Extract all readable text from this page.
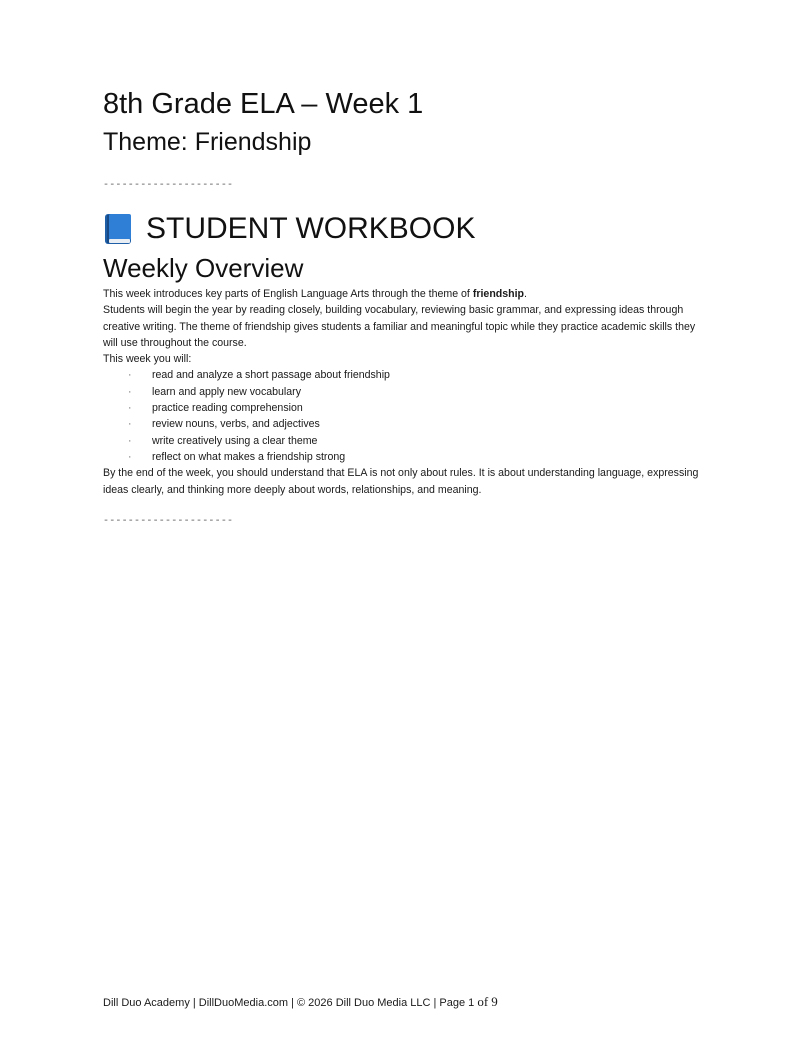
8th Grade ELA – Week 1
Theme: Friendship
---------------------
STUDENT WORKBOOK
Weekly Overview

This week introduces key parts of English Language Arts through the theme of friendship.

Students will begin the year by reading closely, building vocabulary, reviewing basic grammar, and expressing ideas through creative writing. The theme of friendship gives students a familiar and meaningful topic while they practice academic skills they will use throughout the course.

This week you will:

· read and analyze a short passage about friendship
· learn and apply new vocabulary
· practice reading comprehension
· review nouns, verbs, and adjectives
· write creatively using a clear theme
· reflect on what makes a friendship strong

By the end of the week, you should understand that ELA is not only about rules. It is about understanding language, expressing ideas clearly, and thinking more deeply about words, relationships, and meaning.

---------------------
Dill Duo Academy | DillDuoMedia.com | © 2026 Dill Duo Media LLC | Page 1 of 9
